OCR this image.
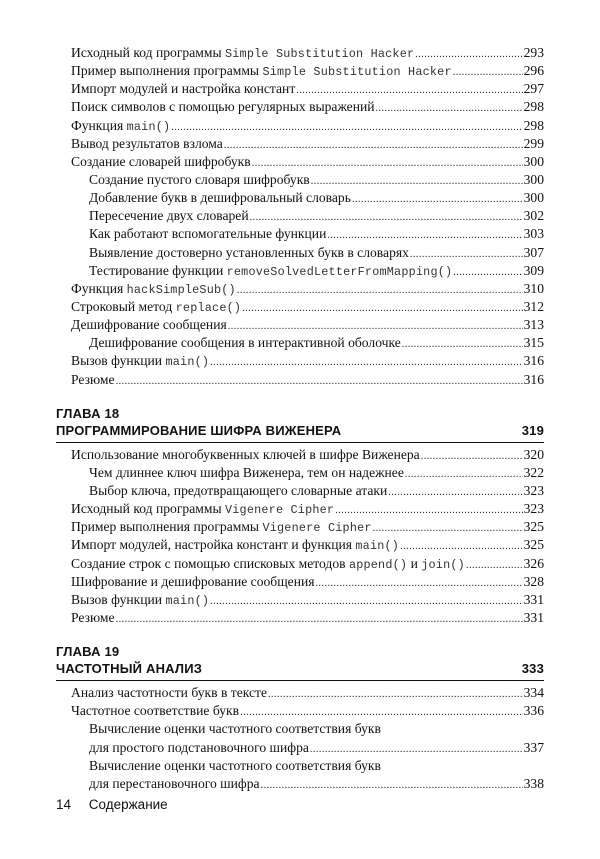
Исходный код программы Simple Substitution Hacker .....	293
Пример выполнения программы Simple Substitution Hacker .....	296
Импорт модулей и настройка констант .....	297
Поиск символов с помощью регулярных выражений .....	298
Функция main() .....	298
Вывод результатов взлома .....	299
Создание словарей шифробукв .....	300
Создание пустого словаря шифробукв .....	300
Добавление букв в дешифровальный словарь .....	300
Пересечение двух словарей .....	302
Как работают вспомогательные функции .....	303
Выявление достоверно установленных букв в словарях .....	307
Тестирование функции removeSolvedLetterFromMapping() .....	309
Функция hackSimpleSub() .....	310
Строковый метод replace() .....	312
Дешифрование сообщения .....	313
Дешифрование сообщения в интерактивной оболочке .....	315
Вызов функции main() .....	316
Резюме .....	316
ГЛАВА 18
ПРОГРАММИРОВАНИЕ ШИФРА ВИЖЕНЕРА	319
Использование многобуквенных ключей в шифре Виженера .....	320
Чем длиннее ключ шифра Виженера, тем он надежнее .....	322
Выбор ключа, предотвращающего словарные атаки .....	323
Исходный код программы Vigenere Cipher .....	323
Пример выполнения программы Vigenere Cipher .....	325
Импорт модулей, настройка констант и функция main() .....	325
Создание строк с помощью списковых методов append() и join() .....	326
Шифрование и дешифрование сообщения .....	328
Вызов функции main() .....	331
Резюме .....	331
ГЛАВА 19
ЧАСТОТНЫЙ АНАЛИЗ	333
Анализ частотности букв в тексте .....	334
Частотное соответствие букв .....	336
Вычисление оценки частотного соответствия букв
для простого подстановочного шифра .....	337
Вычисление оценки частотного соответствия букв
для перестановочного шифра .....	338
14 Содержание
